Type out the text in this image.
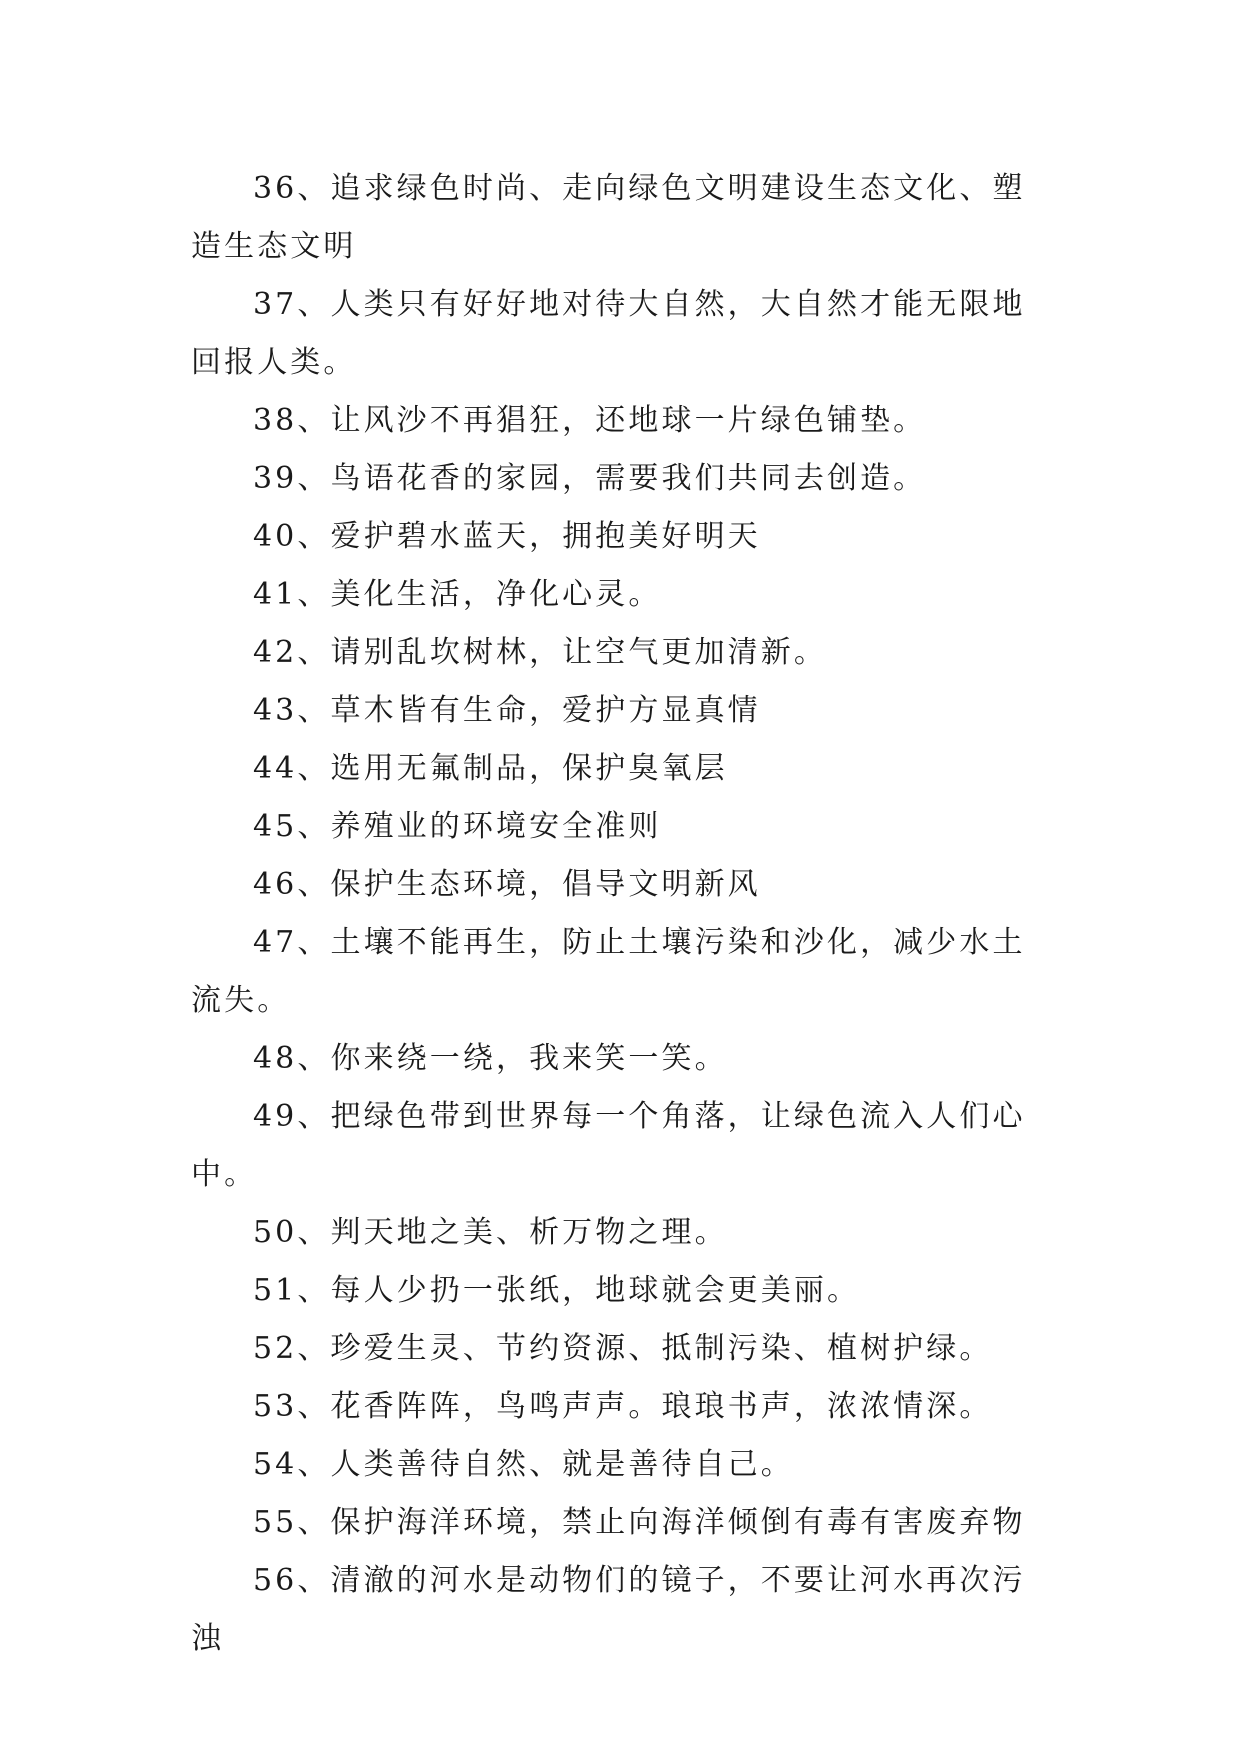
36、追求绿色时尚、走向绿色文明建设生态文化、塑造生态文明

37、人类只有好好地对待大自然，大自然才能无限地回报人类。

38、让风沙不再猖狂，还地球一片绿色铺垫。

39、鸟语花香的家园，需要我们共同去创造。

40、爱护碧水蓝天，拥抱美好明天

41、美化生活，净化心灵。

42、请别乱坎树林，让空气更加清新。

43、草木皆有生命，爱护方显真情

44、选用无氟制品，保护臭氧层

45、养殖业的环境安全准则

46、保护生态环境，倡导文明新风

47、土壤不能再生，防止土壤污染和沙化，减少水土流失。

48、你来绕一绕，我来笑一笑。

49、把绿色带到世界每一个角落，让绿色流入人们心中。

50、判天地之美、析万物之理。

51、每人少扔一张纸，地球就会更美丽。

52、珍爱生灵、节约资源、抵制污染、植树护绿。

53、花香阵阵，鸟鸣声声。琅琅书声，浓浓情深。

54、人类善待自然、就是善待自己。

55、保护海洋环境，禁止向海洋倾倒有毒有害废弃物

56、清澈的河水是动物们的镜子，不要让河水再次污浊
